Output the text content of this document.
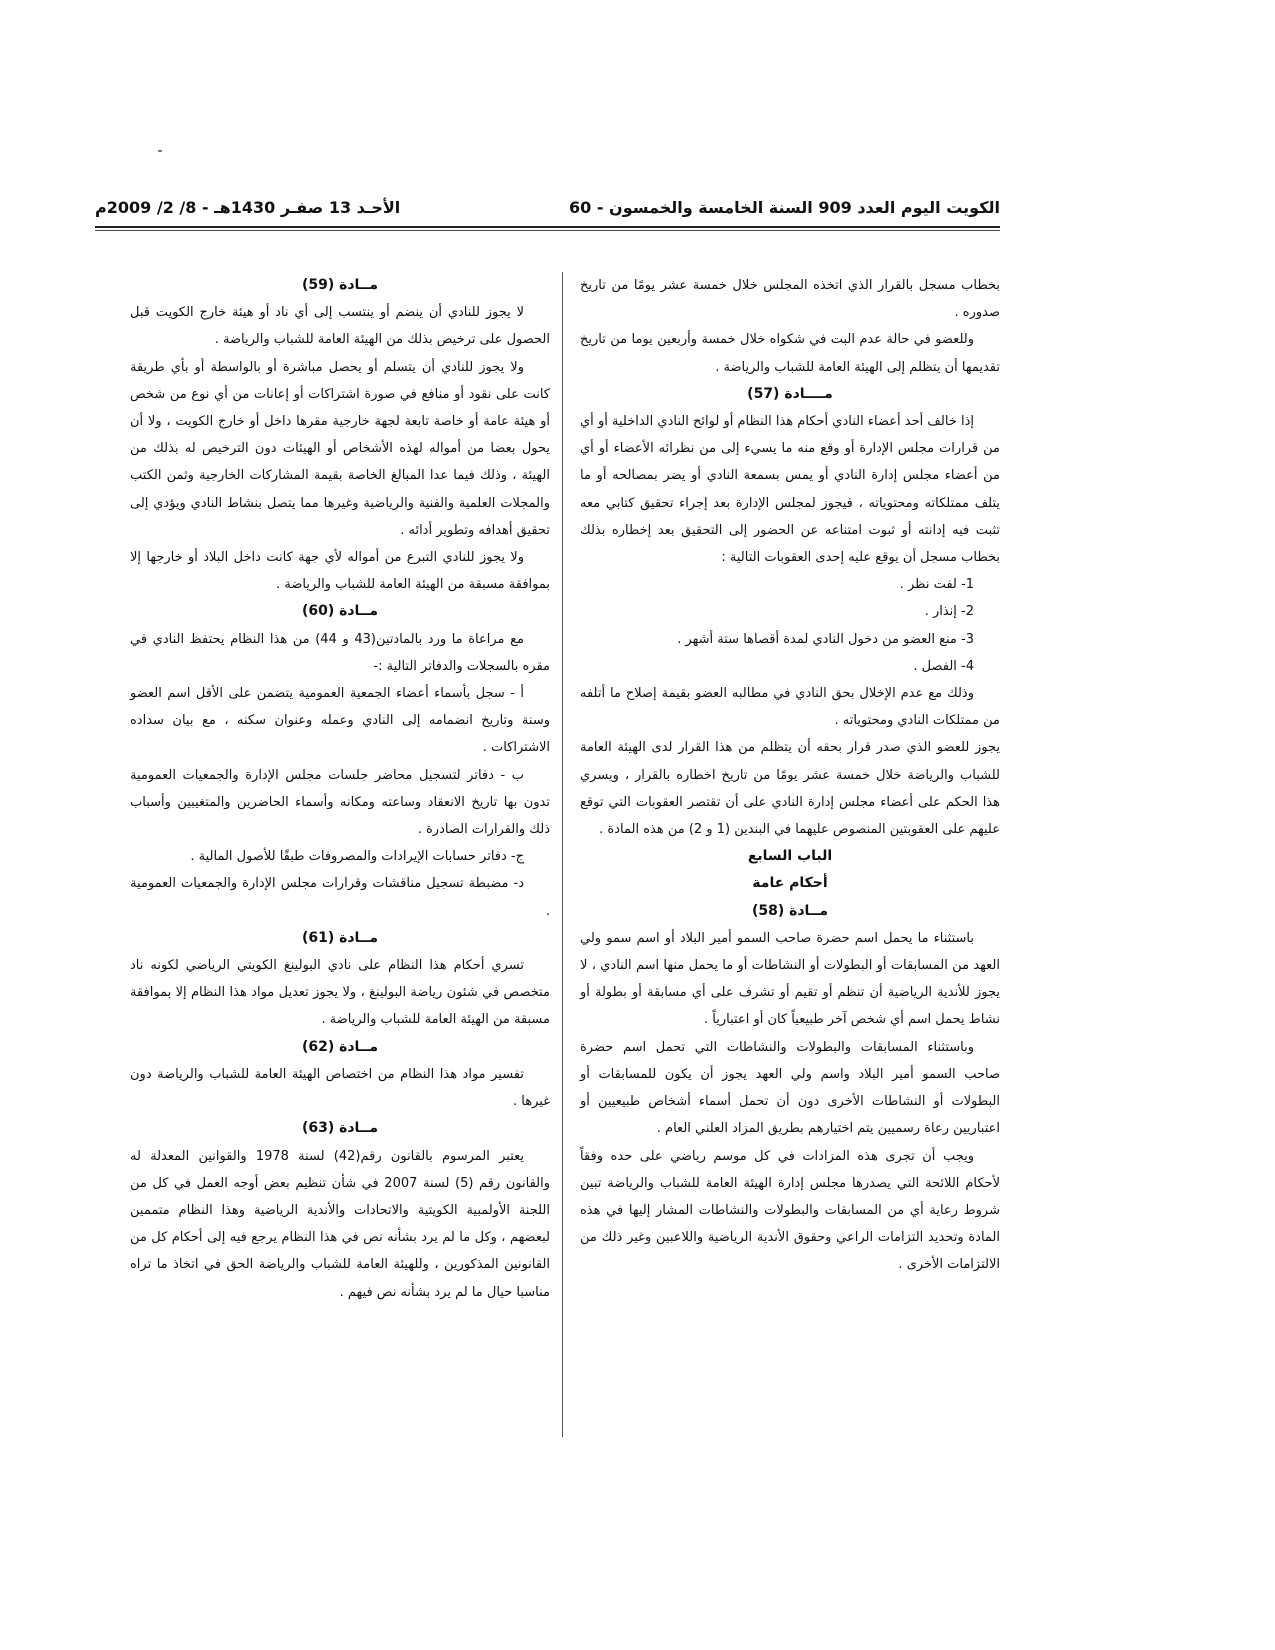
الكويت اليوم العدد 909 السنة الخامسة والخمسون - 60
الأحـد 13 صفـر 1430هـ - 8/ 2/ 2009م

بخطاب مسجل بالقرار الذي اتخذه المجلس خلال خمسة عشر يومًا من تاريخ صدوره .

وللعضو في حالة عدم البت في شكواه خلال خمسة وأربعين يوما من تاريخ تقديمها أن يتظلم إلى الهيئة العامة للشباب والرياضة .

مــــادة (57)

إذا خالف أحد أعضاء النادي أحكام هذا النظام أو لوائح النادي الداخلية أو أي من قرارات مجلس الإدارة أو وقع منه ما يسيء إلى من نظرائه الأعضاء أو أي من أعضاء مجلس إدارة النادي أو يمس بسمعة النادي أو يضر بمصالحه أو ما يتلف ممتلكاته ومحتوياته ، فيجوز لمجلس الإدارة بعد إجراء تحقيق كتابي معه تثبت فيه إدانته أو ثبوت امتناعه عن الحضور إلى التحقيق بعد إخطاره بذلك بخطاب مسجل أن يوقع عليه إحدى العقوبات التالية :

1- لفت نظر .
2- إنذار .
3- منع العضو من دخول النادي لمدة أقصاها ستة أشهر .
4- الفصل .

وذلك مع عدم الإخلال بحق النادي في مطالبه العضو بقيمة إصلاح ما أتلفه من ممتلكات النادي ومحتوياته .

يجوز للعضو الذي صدر قرار بحقه أن يتظلم من هذا القرار لدى الهيئة العامة للشباب والرياضة خلال خمسة عشر يومًا من تاريخ اخطاره بالقرار ، ويسري هذا الحكم على أعضاء مجلس إدارة النادي على أن تقتصر العقوبات التي توقع عليهم على العقوبتين المنصوص عليهما في البندين (1 و 2) من هذه المادة .

الباب السابع

أحكام عامة

مــادة (58)

باستثناء ما يحمل اسم حضرة صاحب السمو أمير البلاد أو اسم سمو ولي العهد من المسابقات أو البطولات أو النشاطات أو ما يحمل منها اسم النادي ، لا يجوز للأندية الرياضية أن تنظم أو تقيم أو تشرف على أي مسابقة أو بطولة أو نشاط يحمل اسم أي شخص آخر طبيعياً كان أو اعتبارياً .

وباستثناء المسابقات والبطولات والنشاطات التي تحمل اسم حضرة صاحب السمو أمير البلاد واسم ولي العهد يجوز أن يكون للمسابقات أو البطولات أو النشاطات الأخرى دون أن تحمل أسماء أشخاص طبيعيين أو اعتباريين رعاة رسميين يتم اختيارهم بطريق المزاد العلني العام .

ويجب أن تجرى هذه المزادات في كل موسم رياضي على حده وفقاً لأحكام اللائحة التي يصدرها مجلس إدارة الهيئة العامة للشباب والرياضة تبين شروط رعاية أي من المسابقات والبطولات والنشاطات المشار إليها في هذه المادة وتحديد التزامات الراعي وحقوق الأندية الرياضية واللاعبين وغير ذلك من الالتزامات الأخرى .

مــادة (59)

لا يجوز للنادي أن ينضم أو ينتسب إلى أي ناد أو هيئة خارج الكويت قبل الحصول على ترخيص بذلك من الهيئة العامة للشباب والرياضة .

ولا يجوز للنادي أن يتسلم أو يحصل مباشرة أو بالواسطة أو بأي طريقة كانت على نقود أو منافع في صورة اشتراكات أو إعانات من أي نوع من شخص أو هيئة عامة أو خاصة تابعة لجهة خارجية مقرها داخل أو خارج الكويت ، ولا أن يحول بعضا من أمواله لهذه الأشخاص أو الهيئات دون الترخيص له بذلك من الهيئة ، وذلك فيما عدا المبالغ الخاصة بقيمة المشاركات الخارجية وثمن الكتب والمجلات العلمية والفنية والرياضية وغيرها مما يتصل بنشاط النادي ويؤدي إلى تحقيق أهدافه وتطوير أدائه .

ولا يجوز للنادي التبرع من أمواله لأي جهة كانت داخل البلاد أو خارجها إلا بموافقة مسبقة من الهيئة العامة للشباب والرياضة .

مــادة (60)

مع مراعاة ما ورد بالمادتين(43 و 44) من هذا النظام يحتفظ النادي في مقره بالسجلات والدفاتر التالية :-

أ - سجل بأسماء أعضاء الجمعية العمومية يتضمن على الأقل اسم العضو وسنة وتاريخ انضمامه إلى النادي وعمله وعنوان سكنه ، مع بيان سداده الاشتراكات .

ب - دفاتر لتسجيل محاضر جلسات مجلس الإدارة والجمعيات العمومية تدون بها تاريخ الانعقاد وساعته ومكانه وأسماء الحاضرين والمتغيبين وأسباب ذلك والقرارات الصادرة .

ج- دفاتر حسابات الإيرادات والمصروفات طبقًا للأصول المالية .

د- مضبطة تسجيل مناقشات وقرارات مجلس الإدارة والجمعيات العمومية .

مــادة (61)

تسري أحكام هذا النظام على نادي البولينغ الكويتي الرياضي لكونه ناد متخصص في شئون رياضة البولينغ ، ولا يجوز تعديل مواد هذا النظام إلا بموافقة مسبقة من الهيئة العامة للشباب والرياضة .

مــادة (62)

تفسير مواد هذا النظام من اختصاص الهيئة العامة للشباب والرياضة دون غيرها .

مــادة (63)

يعتبر المرسوم بالقانون رقم(42) لسنة 1978 والقوانين المعدلة له والقانون رقم (5) لسنة 2007 في شأن تنظيم بعض أوجه العمل في كل من اللجنة الأولمبية الكويتية والاتحادات والأندية الرياضية وهذا النظام متممين لبعضهم ، وكل ما لم يرد بشأنه نص في هذا النظام يرجع فيه إلى أحكام كل من القانونين المذكورين ، وللهيئة العامة للشباب والرياضة الحق في اتخاذ ما تراه مناسبا حيال ما لم يرد بشأنه نص فيهم .
